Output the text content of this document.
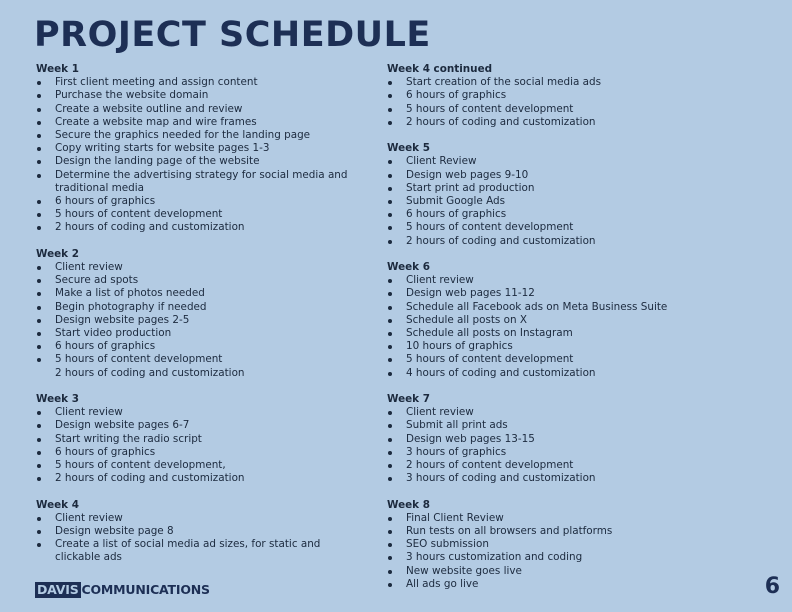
PROJECT SCHEDULE
Week 1
First client meeting and assign content
Purchase the website domain
Create a website outline and review
Create a website map and wire frames
Secure the graphics needed for the landing page
Copy writing starts for website pages 1-3
Design the landing page of the website
Determine the advertising strategy for social media and traditional media
6 hours of graphics
5 hours of content development
2 hours of coding and customization
Week 2
Client review
Secure ad spots
Make a list of photos needed
Begin photography if needed
Design website pages 2-5
Start video production
6 hours of graphics
5 hours of content development
2 hours of coding and customization
Week 3
Client review
Design website pages 6-7
Start writing the radio script
6 hours of graphics
5 hours of content development,
2 hours of coding and customization
Week 4
Client review
Design website page 8
Create a list of social media ad sizes, for static and clickable ads
Week 4 continued
Start creation of the social media ads
6 hours of graphics
5 hours of content development
2 hours of coding and customization
Week 5
Client Review
Design web pages 9-10
Start print ad production
Submit Google Ads
6 hours of graphics
5 hours of content development
2 hours of coding and customization
Week 6
Client review
Design web pages 11-12
Schedule all Facebook ads on Meta Business Suite
Schedule all posts on X
Schedule all posts on Instagram
10 hours of graphics
5 hours of content development
4 hours of coding and customization
Week 7
Client review
Submit all print ads
Design web pages 13-15
3 hours of graphics
2 hours of content development
3 hours of coding and customization
Week 8
Final Client Review
Run tests on all browsers and platforms
SEO submission
3 hours customization and coding
New website goes live
All ads go live
DAVIS COMMUNICATIONS	6
